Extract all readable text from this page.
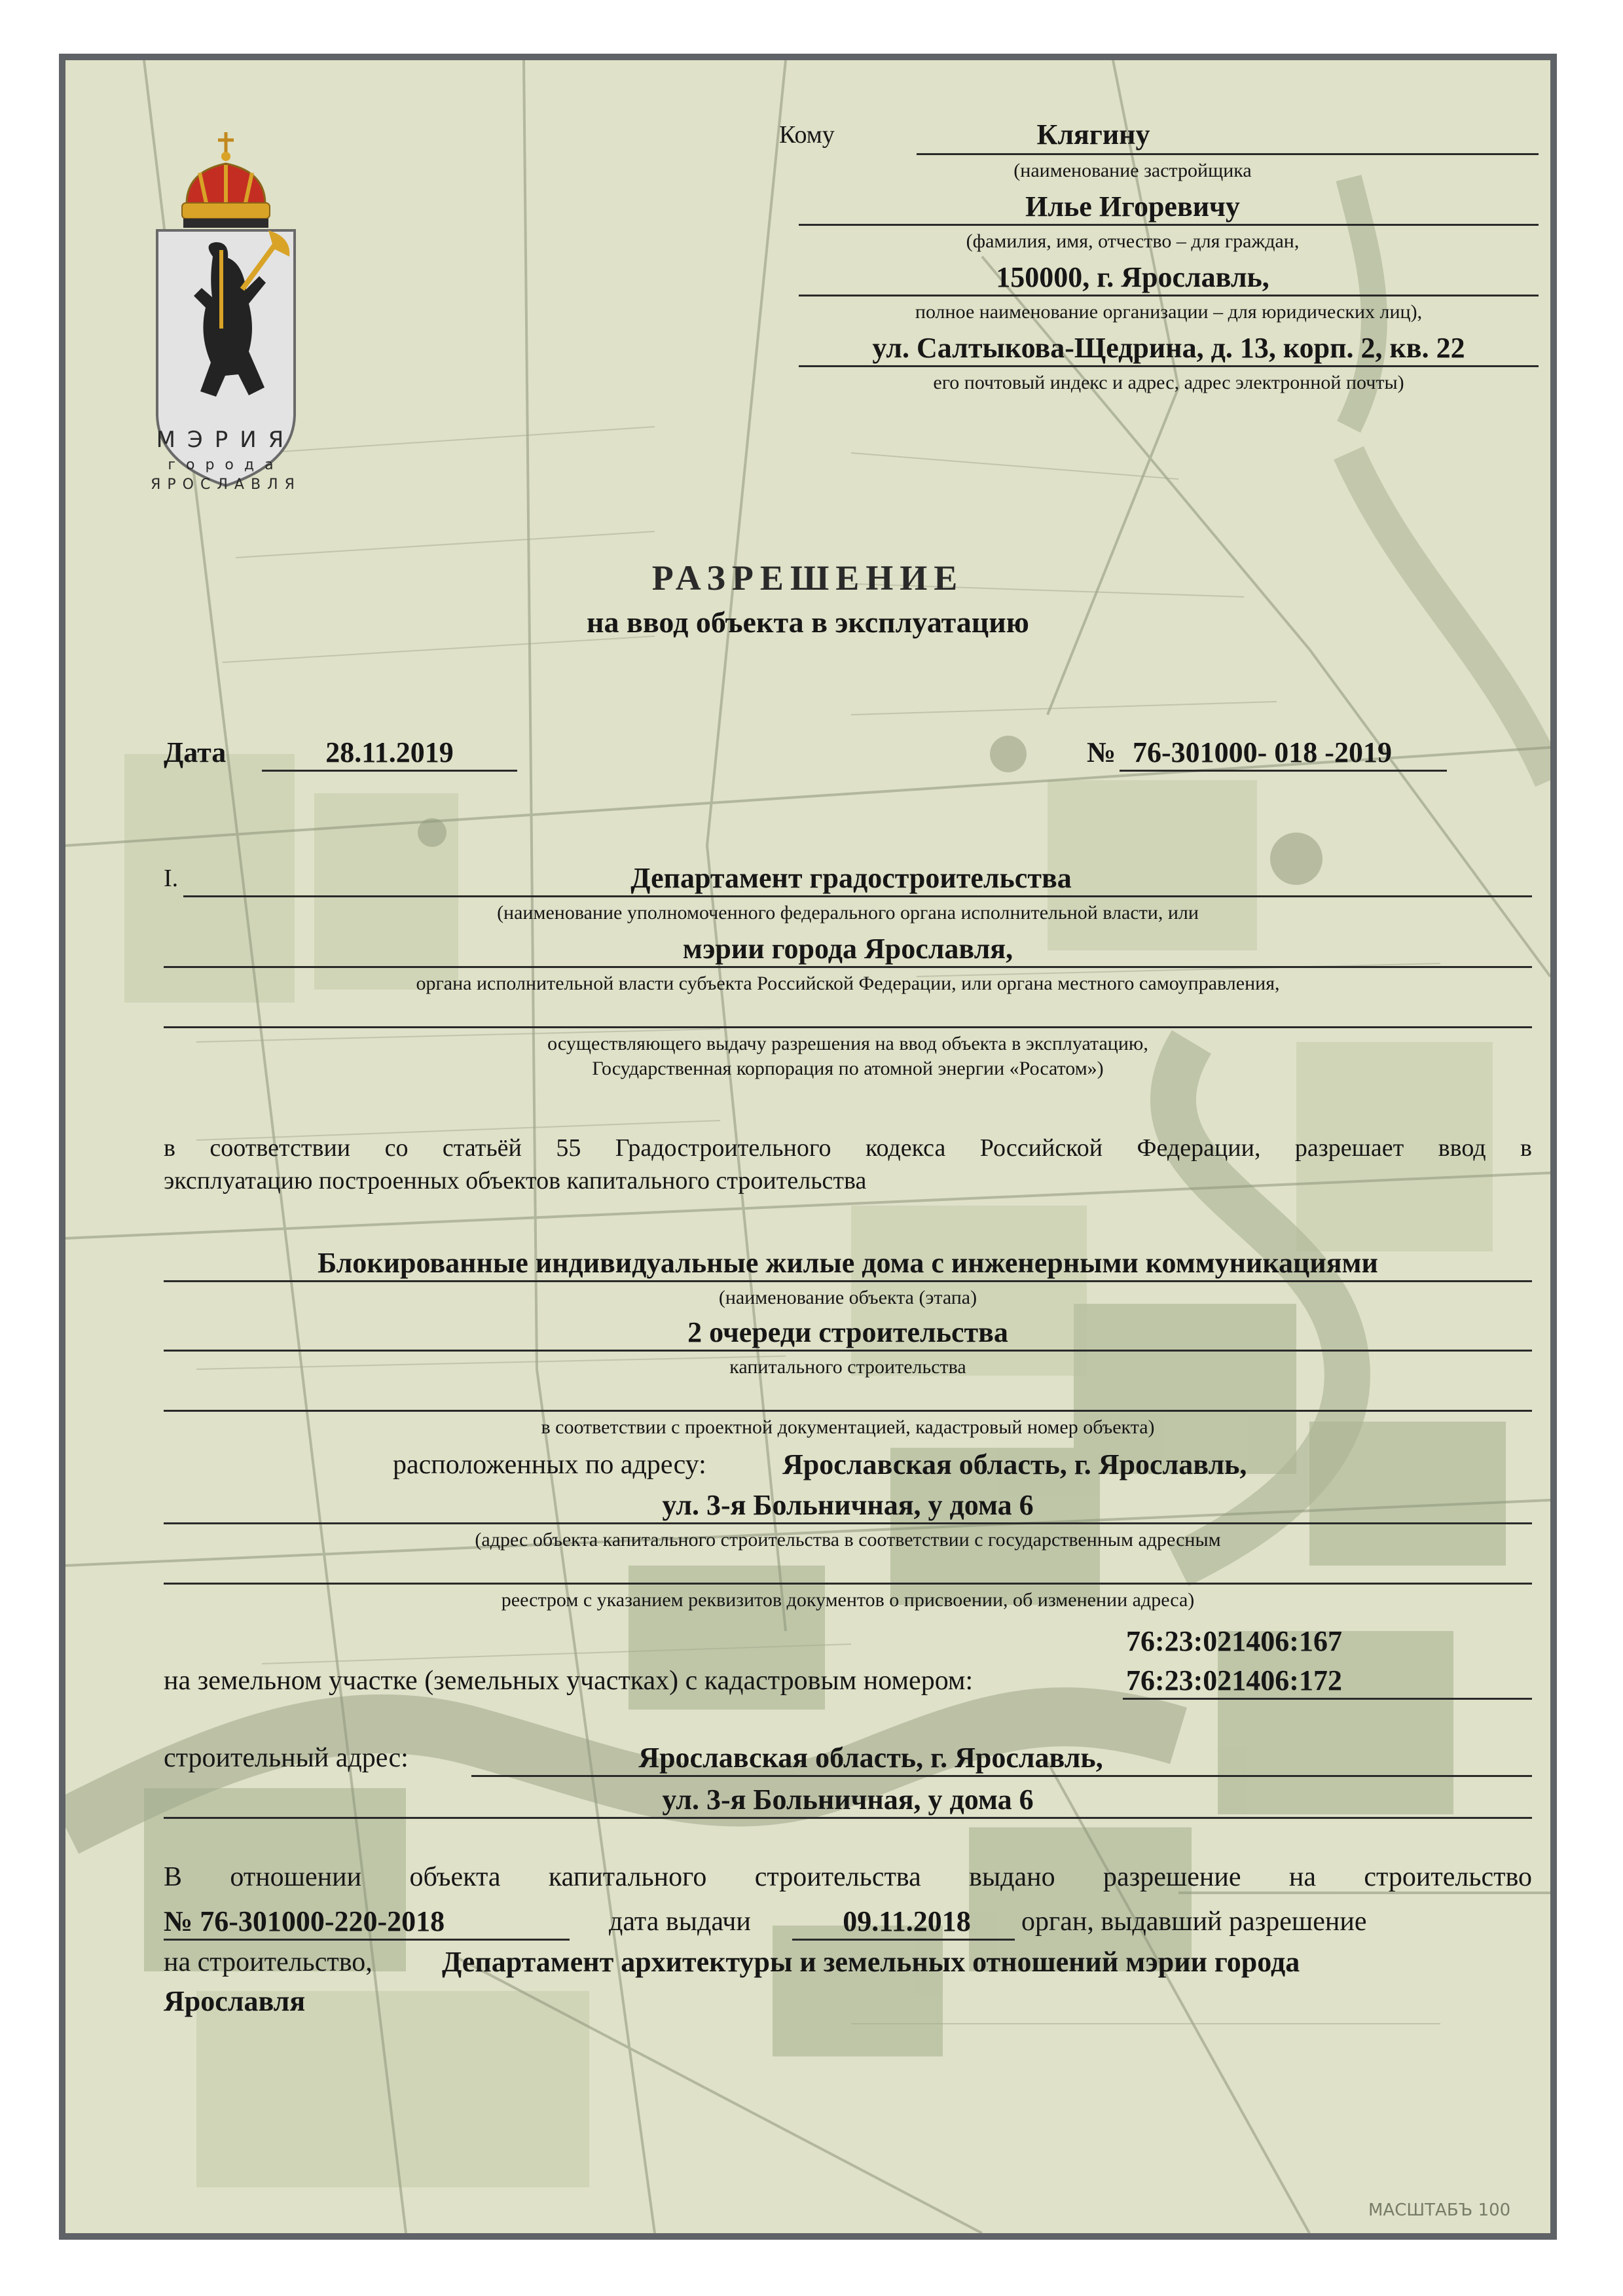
МАСШТАБЪ 100
МЭРИЯ
города
ЯРОСЛАВЛЯ
Кому	Клягину
(наименование застройщика
Илье Игоревичу
(фамилия, имя, отчество – для граждан,
150000, г. Ярославль,
полное наименование организации – для юридических лиц),
ул. Салтыкова-Щедрина, д. 13, корп. 2, кв. 22
его почтовый индекс и адрес, адрес электронной почты)
РАЗРЕШЕНИЕ
на ввод объекта в эксплуатацию
Дата	28.11.2019	№ 76-301000- 018 -2019
I.	Департамент градостроительства
(наименование уполномоченного федерального органа исполнительной власти, или
мэрии города Ярославля,
органа исполнительной власти субъекта Российской Федерации, или органа местного самоуправления,
осуществляющего выдачу разрешения на ввод объекта в эксплуатацию,
Государственная корпорация по атомной энергии «Росатом»)
в соответствии со статьёй 55 Градостроительного кодекса Российской Федерации, разрешает ввод в
эксплуатацию построенных объектов капитального строительства
Блокированные индивидуальные жилые дома с инженерными коммуникациями
(наименование объекта (этапа)
2 очереди строительства
капитального строительства
в соответствии с проектной документацией, кадастровый номер объекта)
расположенных по адресу:	Ярославская область, г. Ярославль,
ул. 3-я Больничная, у дома 6
(адрес объекта капитального строительства в соответствии с государственным адресным
реестром с указанием реквизитов документов о присвоении, об изменении адреса)
76:23:021406:167
на земельном участке (земельных участках) с кадастровым номером:	76:23:021406:172
строительный адрес:	Ярославская область, г. Ярославль,
ул. 3-я Больничная, у дома 6
В отношении объекта капитального строительства выдано разрешение на строительство
№ 76-301000-220-2018	дата выдачи	09.11.2018	орган, выдавший разрешение
на строительство, Департамент архитектуры и земельных отношений мэрии города
Ярославля
